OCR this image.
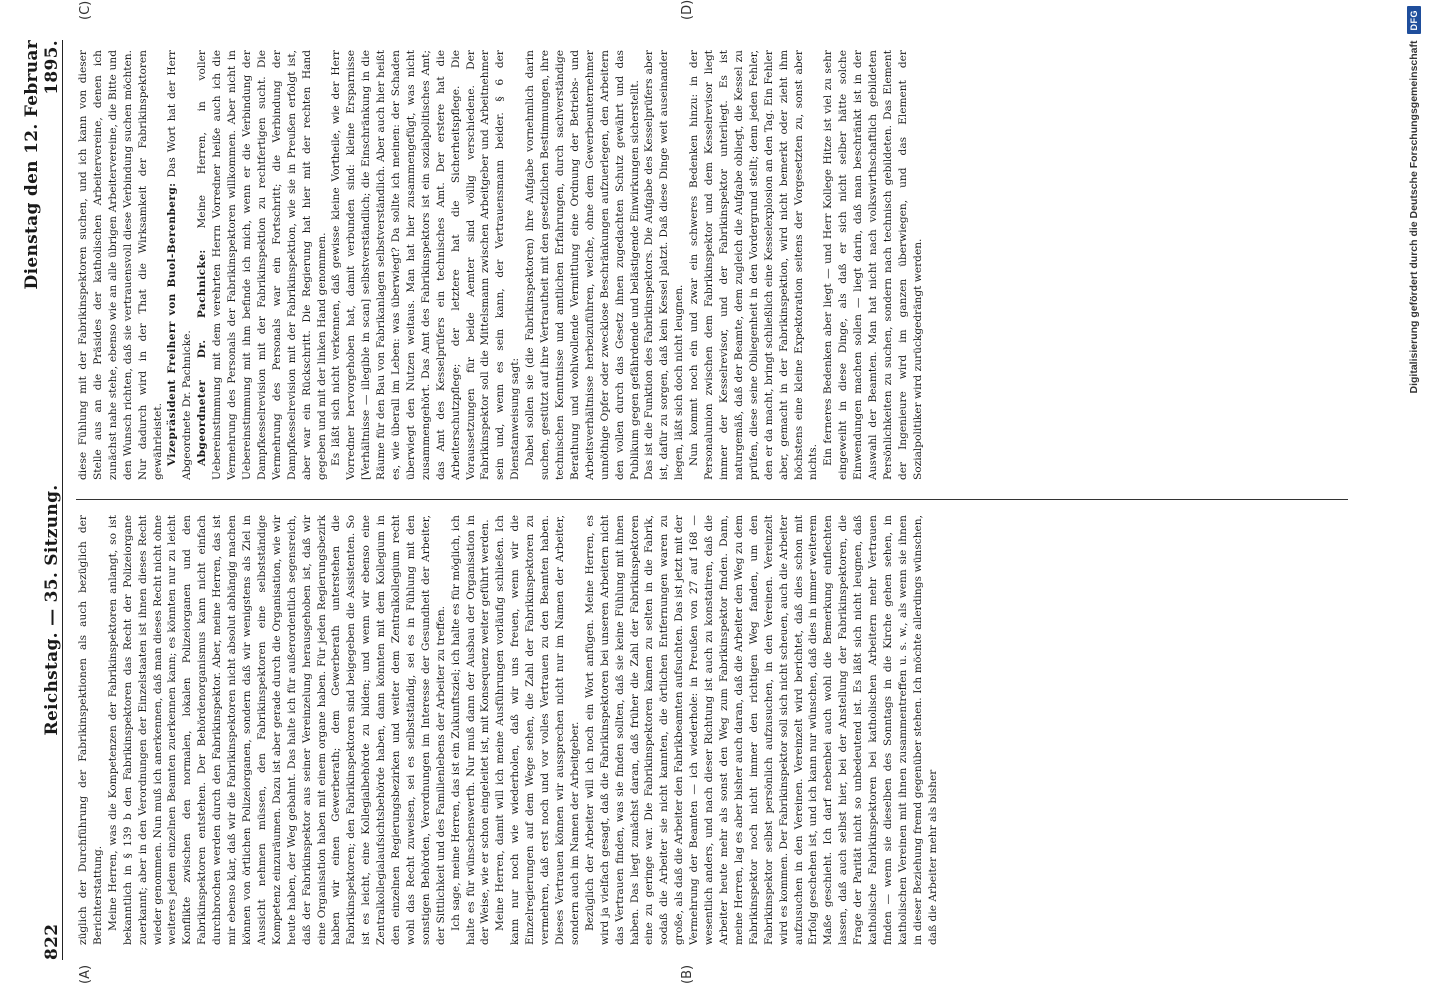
822
Reichstag. — 35. Sitzung.
Dienstag den 12. Februar 1895.
(A)	(B)
(C)	(D)

züglich der Durchführung der Fabrikinspektionen als auch bezüglich der Berichterstattung. Meine Herren, was die Kompetenzen der Fabrikinspektoren anlangt, so ist bekanntlich in § 139 b den Fabrikinspektoren das Recht der Polizeiorgane zuerkannt; aber in den Verordnungen der Einzelstaaten ist ihnen dieses Recht wieder genommen. Nun muß ich anerkennen, daß man dieses Recht nicht ohne weiteres jedem einzelnen Beamten zuerkennen kann; es könnten nur zu leicht Konflikte zwischen den normalen, lokalen Polizeiorganen und den Fabrikinspektoren entstehen. Der Behördenorganismus kann nicht einfach durchbrochen werden durch den Fabrikinspektor. Aber, meine Herren, das ist mir ebenso klar, daß wir die Fabrikinspektoren nicht absolut abhängig machen können von örtlichen Polizeiorganen, sondern daß wir wenigstens als Ziel in Aussicht nehmen müssen, den Fabrikinspektoren eine selbstständige Kompetenz einzuräumen. Dazu ist aber gerade durch die Organisation, wie wir heute haben, der Weg gebahnt. Das halte ich für außerordentlich segensreich, daß der Fabrikinspektor aus seiner Vereinzelung herausgehoben ist, daß wir eine Organisation haben mit einem organe haben. Für jeden Regierungsbezirk haben wir einen Gewerberath; dem Gewerberath unterstehen die Fabrikinspektoren; den Fabrikinspektoren sind beigegeben die Assistenten. So ist es leicht, eine Kollegialbehörde zu bilden; und wenn wir ebenso eine Zentralkollegialaufsichtsbehörde haben, dann könnten mit dem Kollegium in den einzelnen Regierungsbezirken und weiter dem Zentralkollegium recht wohl das Recht zuweisen, sei es selbstständig, sei es in Fühlung mit den sonstigen Behörden, Verordnungen im Interesse der Gesundheit der Arbeiter, der Sittlichkeit und des Familienlebens der Arbeiter zu treffen. Ich sage, meine Herren, das ist ein Zukunftsziel; ich halte es für möglich, ich halte es für wünschenswerth. Nur muß dann der Ausbau der Organisation in der Weise, wie er schon eingeleitet ist, mit Konsequenz weiter geführt werden. Meine Herren, damit will ich meine Ausführungen vorläufig schließen. Ich kann nur noch wie wiederholen, daß wir uns freuen, wenn wir die Einzelregierungen auf dem Wege sehen, die Zahl der Fabrikinspektoren zu vermehren, daß erst noch und vor volles Vertrauen zu den Beamten haben. Dieses Vertrauen können wir aussprechen nicht nur im Namen der Arbeiter, sondern auch im Namen der Arbeitgeber. Bezüglich der Arbeiter will ich noch ein Wort anfügen. Meine Herren, es wird ja vielfach gesagt, daß die Fabrikinspektoren bei unseren Arbeitern nicht das Vertrauen finden, was sie finden sollten, daß sie keine Fühlung mit ihnen haben. Das liegt zunächst daran, daß früher die Zahl der Fabrikinspektoren eine zu geringe war. Die Fabrikinspektoren kamen zu selten in die Fabrik, sodaß die Arbeiter sie nicht kannten, die örtlichen Entfernungen waren zu große, als daß die Arbeiter den Fabrikbeamten aufsuchten. Das ist jetzt mit der Vermehrung der Beamten — ich wiederhole: in Preußen von 27 auf 168 — wesentlich anders, und nach dieser Richtung ist auch zu konstatiren, daß die Arbeiter heute mehr als sonst den Weg zum Fabrikinspektor finden. Dann, meine Herren, lag es aber bisher auch daran, daß die Arbeiter den Weg zu dem Fabrikinspektor noch nicht immer den richtigen Weg fanden, um den Fabrikinspektor selbst persönlich aufzusuchen, in den Vereinen. Vereinzelt wird es kommen. Der Fabrikinspektor soll sich nicht scheuen, auch die Arbeiter aufzusuchen in den Vereinen. Vereinzelt wird berichtet, daß dies schon mit Erfolg geschehen ist, und ich kann nur wünschen, daß dies in immer weiterem Maße geschieht. Ich darf nebenbei auch wohl die Bemerkung einflechten lassen, daß auch selbst hier, bei der Anstellung der Fabrikinspektoren, die Frage der Parität nicht so unbedeutend ist. Es läßt sich nicht leugnen, daß katholische Fabrikinspektoren bei katholischen Arbeitern mehr Vertrauen finden — wenn sie dieselben des Sonntags in die Kirche gehen sehen, in katholischen Vereinen mit ihnen zusammentreffen u. s. w., als wenn sie ihnen in dieser Beziehung fremd gegenüber stehen. Ich möchte allerdings wünschen, daß die Arbeiter mehr als bisher

diese Fühlung mit der Fabrikinspektoren suchen, und ich kann von dieser Stelle aus an die Präsides der katholischen Arbeitervereine, denen ich zunächst nahe stehe, ebenso wie an alle übrigen Arbeitervereine, die Bitte und den Wunsch richten, daß sie vertrauensvoll diese Verbindung suchen möchten. Nur dadurch wird in der That die Wirksamkeit der Fabrikinspektoren gewährleistet. Vizepräsident Freiherr von Buol-Berenberg: Das Wort hat der Herr Abgeordnete Dr. Pachnicke. Abgeordneter Dr. Pachnicke: Meine Herren, in voller Uebereinstimmung mit dem verehrten Herrn Vorredner heiße auch ich die Vermehrung des Personals der Fabrikinspektoren willkommen. Aber nicht in Uebereinstimmung mit ihm befinde ich mich, wenn er die Verbindung der Dampfkesselrevision mit der Fabrikinspektion zu rechtfertigen sucht. Die Vermehrung des Personals war ein Fortschritt; die Verbindung der Dampfkesselrevision mit der Fabrikinspektion, wie sie in Preußen erfolgt ist, aber war ein Rückschritt. Die Regierung hat hier mit der rechten Hand gegeben und mit der linken Hand genommen. Es läßt sich nicht verkennen, daß gewisse kleine Vortheile, wie der Herr Vorredner hervorgehoben hat, damit verbunden sind: kleine Ersparnisse [Verhältnisse — illegible in scan] selbstverständlich; die Einschränkung in die Räume für den Bau von Fabrikanlagen selbstverständlich. Aber auch hier heißt es, wie überall im Leben: was überwiegt? Da sollte ich meinen: der Schaden überwiegt den Nutzen weitaus. Man hat hier zusammengefügt, was nicht zusammengehört. Das Amt des Fabrikinspektors ist ein sozialpolitisches Amt; das Amt des Kesselprüfers ein technisches Amt. Der erstere hat die Arbeiterschutzpflege; der letztere hat die Sicherheitspflege. Die Voraussetzungen für beide Aemter sind völlig verschiedene. Der Fabrikinspektor soll die Mittelsmann zwischen Arbeitgeber und Arbeitnehmer sein und, wenn es sein kann, der Vertrauensmann beider. § 6 der Dienstanweisung sagt: Dabei sollen sie (die Fabrikinspektoren) ihre Aufgabe vornehmlich darin suchen, gestützt auf ihre Vertrautheit mit den gesetzlichen Bestimmungen, ihre technischen Kenntnisse und amtlichen Erfahrungen, durch sachverständige Berathung und wohlwollende Vermittlung eine Ordnung der Betriebs- und Arbeitsverhältnisse herbeizuführen, welche, ohne dem Gewerbeunternehmer unnöthige Opfer oder zwecklose Beschränkungen aufzuerlegen, den Arbeitern den vollen durch das Gesetz ihnen zugedachten Schutz gewährt und das Publikum gegen gefährdende und belästigende Einwirkungen sicherstellt. Das ist die Funktion des Fabrikinspektors. Die Aufgabe des Kesselprüfers aber ist, dafür zu sorgen, daß kein Kessel platzt. Daß diese Dinge weit auseinander liegen, läßt sich doch nicht leugnen. Nun kommt noch ein und zwar ein schweres Bedenken hinzu: in der Personalunion zwischen dem Fabrikinspektor und dem Kesselrevisor liegt immer der Kesselrevisor, und der Fabrikinspektor unterliegt. Es ist naturgemäß, daß der Beamte, dem zugleich die Aufgabe obliegt, die Kessel zu prüfen, diese seine Obliegenheit in den Vordergrund stellt; denn jeden Fehler, den er da macht, bringt schließlich eine Kesselexplosion an den Tag. Ein Fehler aber, gemacht in der Fabrikinspektion, wird nicht bemerkt oder zieht ihm höchstens eine kleine Expektoration seitens der Vorgesetzten zu, sonst aber nichts. Ein ferneres Bedenken aber liegt — und Herr Kollege Hitze ist viel zu sehr eingeweiht in diese Dinge, als daß er sich nicht selber hätte solche Einwendungen machen sollen — liegt darin, daß man beschränkt ist in der Auswahl der Beamten. Man hat nicht nach volkswirthschaftlich gebildeten Persönlichkeiten zu suchen, sondern nach technisch gebildeten. Das Element der Ingenieure wird im ganzen überwiegen, und das Element der Sozialpolitiker wird zurückgedrängt werden.	Digitalisierung gefördert durch die Deutsche Forschungsgemeinschaft
DFG
